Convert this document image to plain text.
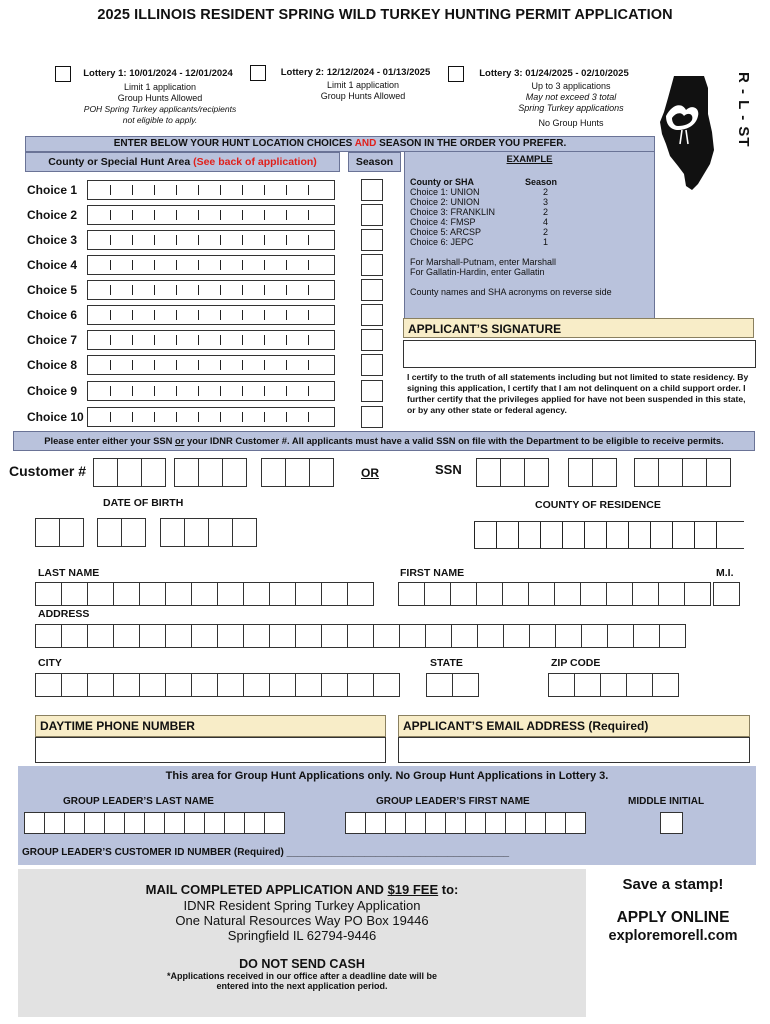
2025 ILLINOIS RESIDENT SPRING WILD TURKEY HUNTING PERMIT APPLICATION
Lottery 1: 10/01/2024 - 12/01/2024
Limit 1 application
Group Hunts Allowed
POH Spring Turkey applicants/recipients
not eligible to apply.
Lottery 2: 12/12/2024 - 01/13/2025
Limit 1 application
Group Hunts Allowed
Lottery 3: 01/24/2025 - 02/10/2025
Up to 3 applications
May not exceed 3 total
Spring Turkey applications
No Group Hunts	R - L - ST
ENTER BELOW YOUR HUNT LOCATION CHOICES AND SEASON IN THE ORDER YOU PREFER.
County or Special Hunt Area (See back of application)	Season
Choice 1
Choice 2
Choice 3
Choice 4
Choice 5
Choice 6
Choice 7
Choice 8
Choice 9
Choice 10
EXAMPLE
County or SHA	Season
Choice 1: UNION	2
Choice 2: UNION	3
Choice 3: FRANKLIN	2
Choice 4: FMSP	4
Choice 5: ARCSP	2
Choice 6: JEPC	1
For Marshall-Putnam, enter Marshall
For Gallatin-Hardin, enter Gallatin
County names and SHA acronyms on reverse side
APPLICANT’S SIGNATURE
I certify to the truth of all statements including but not limited to state residency. By signing this application, I certify that I am not delinquent on a child support order. I further certify that the privileges applied for have not been suspended in this state, or by any other state or federal agency.
Please enter either your SSN or your IDNR Customer #. All applicants must have a valid SSN on file with the Department to be eligible to receive permits.
Customer #	OR	SSN
DATE OF BIRTH	COUNTY OF RESIDENCE
LAST NAME	FIRST NAME	M.I.
ADDRESS
CITY	STATE	ZIP CODE
DAYTIME PHONE NUMBER	APPLICANT’S EMAIL ADDRESS (Required)
This area for Group Hunt Applications only. No Group Hunt Applications in Lottery 3.
GROUP LEADER’S LAST NAME	GROUP LEADER’S FIRST NAME	MIDDLE INITIAL
GROUP LEADER’S CUSTOMER ID NUMBER (Required) ________________________________________
MAIL COMPLETED APPLICATION AND $19 FEE to:
IDNR Resident Spring Turkey Application
One Natural Resources Way PO Box 19446
Springfield IL 62794-9446
DO NOT SEND CASH
*Applications received in our office after a deadline date will be
entered into the next application period.
Save a stamp!
APPLY ONLINE
exploremorell.com
